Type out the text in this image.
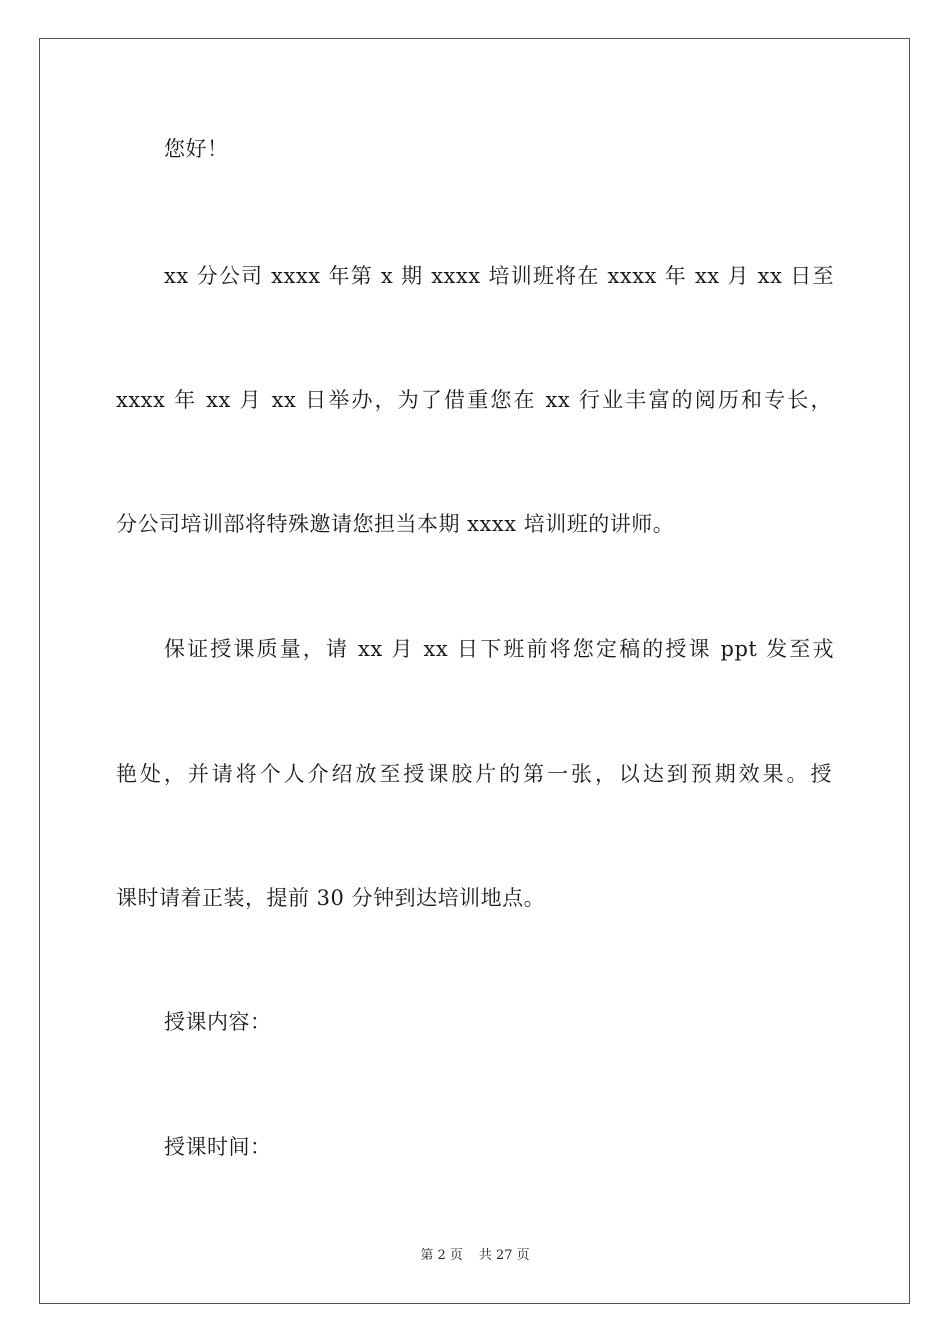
您好！
xx 分公司 xxxx 年第 x 期 xxxx 培训班将在 xxxx 年 xx 月 xx 日至
xxxx 年 xx 月 xx 日举办，为了借重您在 xx 行业丰富的阅历和专长，
分公司培训部将特殊邀请您担当本期 xxxx 培训班的讲师。
保证授课质量，请 xx 月 xx 日下班前将您定稿的授课 ppt 发至戎
艳处，并请将个人介绍放至授课胶片的第一张，以达到预期效果。授
课时请着正装，提前 30 分钟到达培训地点。
授课内容：
授课时间：
第 2 页 共 27 页
